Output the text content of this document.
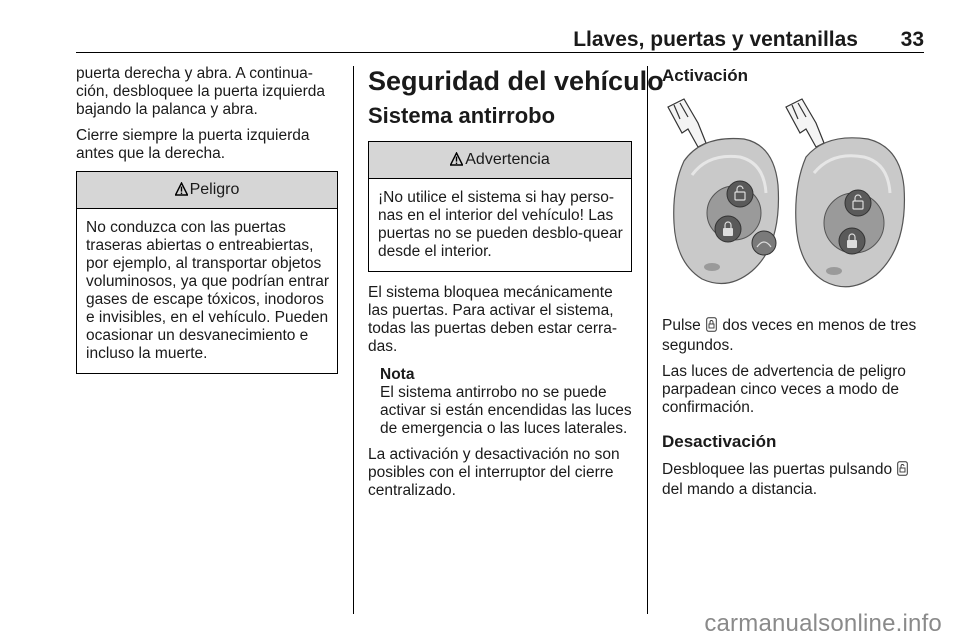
Llaves, puertas y ventanillas 33

puerta derecha y abra. A continua-ción, desbloquee la puerta izquierda bajando la palanca y abra.

Cierre siempre la puerta izquierda antes que la derecha.

Peligro

No conduzca con las puertas traseras abiertas o entreabiertas, por ejemplo, al transportar objetos voluminosos, ya que podrían entrar gases de escape tóxicos, inodoros e invisibles, en el vehículo. Pueden ocasionar un desvanecimiento e incluso la muerte.

Seguridad del vehículo
Sistema antirrobo
Advertencia

¡No utilice el sistema si hay perso-nas en el interior del vehículo! Las puertas no se pueden desblo-quear desde el interior.

El sistema bloquea mecánicamente las puertas. Para activar el sistema, todas las puertas deben estar cerra-das.

Nota

El sistema antirrobo no se puede activar si están encendidas las luces de emergencia o las luces laterales.

La activación y desactivación no son posibles con el interruptor del cierre centralizado.

Activación

Pulse dos veces en menos de tres segundos.

Las luces de advertencia de peligro parpadean cinco veces a modo de confirmación.

Desactivación

Desbloquee las puertas pulsando  del mando a distancia.

carmanualsonline.info
